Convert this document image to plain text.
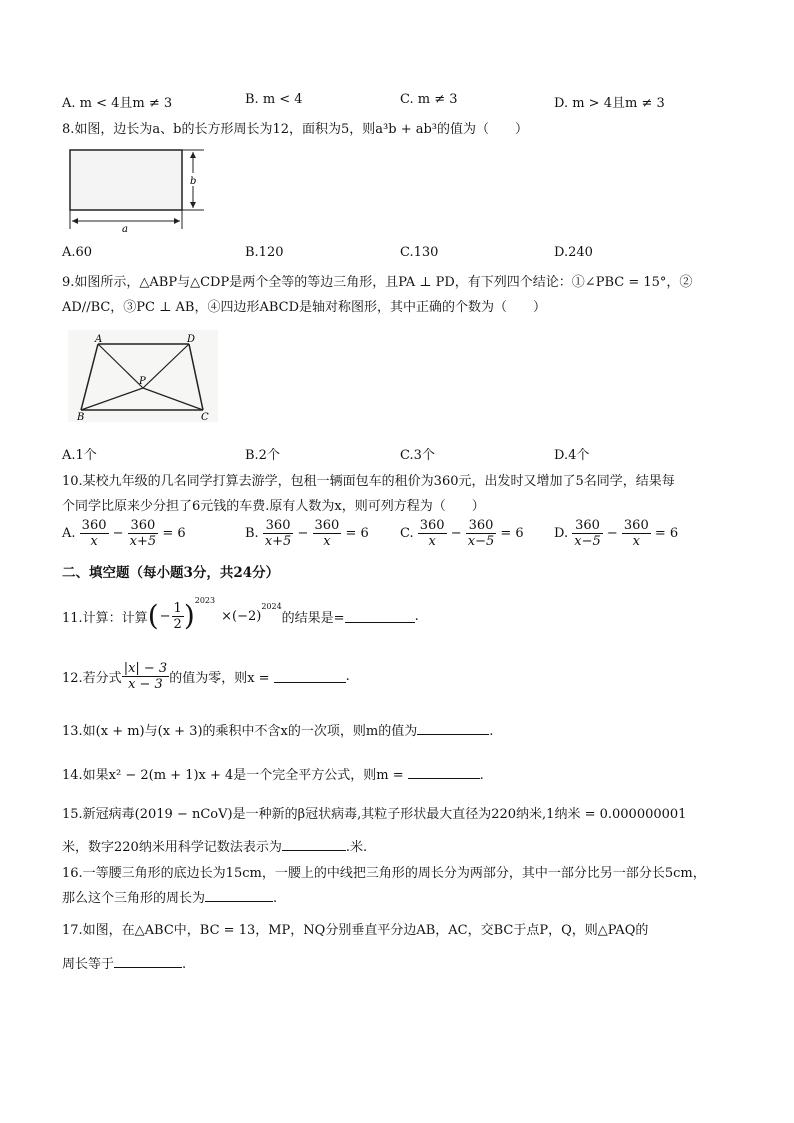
A. m < 4且m ≠ 3	B. m < 4	C. m ≠ 3	D. m > 4且m ≠ 3
8.如图，边长为a、b的长方形周长为12，面积为5，则a³b + ab³的值为（　　）
b
a
A.60	B.120	C.130	D.240
9.如图所示，△ABP与△CDP是两个全等的等边三角形，且PA ⊥ PD，有下列四个结论：①∠PBC = 15°，②
AD//BC，③PC ⊥ AB，④四边形ABCD是轴对称图形，其中正确的个数为（　　）
A	D
P
B	C
A.1个	B.2个	C.3个	D.4个
10.某校九年级的几名同学打算去游学，包租一辆面包车的租价为360元，出发时又增加了5名同学，结果每
个同学比原来少分担了6元钱的车费.原有人数为x，则可列方程为（　　）
A. $\frac{360}{x} - \frac{360}{x+5} = 6$	B. $\frac{360}{x+5} - \frac{360}{x} = 6$ C. $\frac{360}{x} - \frac{360}{x-5} = 6$ D. $\frac{360}{x-5} - \frac{360}{x} = 6$
二、填空题（每小题3分，共24分）
11.计算：计算 ( − $\frac{1}{2}$ ) 2023
×(−2)
2024
的结果是=	.
12.若分式 $\frac{|x| - 3}{x - 3}$ 的值为零，则x =	.
13.如(x + m)与(x + 3)的乘积中不含x的一次项，则m的值为	.
14.如果x² − 2(m + 1)x + 4是一个完全平方公式，则m =	.
15.新冠病毒(2019 − nCoV)是一种新的β冠状病毒,其粒子形状最大直径为220纳米,1纳米 = 0.000000001
米，数字220纳米用科学记数法表示为	.米.
16.一等腰三角形的底边长为15cm，一腰上的中线把三角形的周长分为两部分，其中一部分比另一部分长5cm，
那么这个三角形的周长为	.
17.如图，在△ABC中，BC = 13，MP，NQ分别垂直平分边AB，AC，交BC于点P，Q，则△PAQ的
周长等于	.
